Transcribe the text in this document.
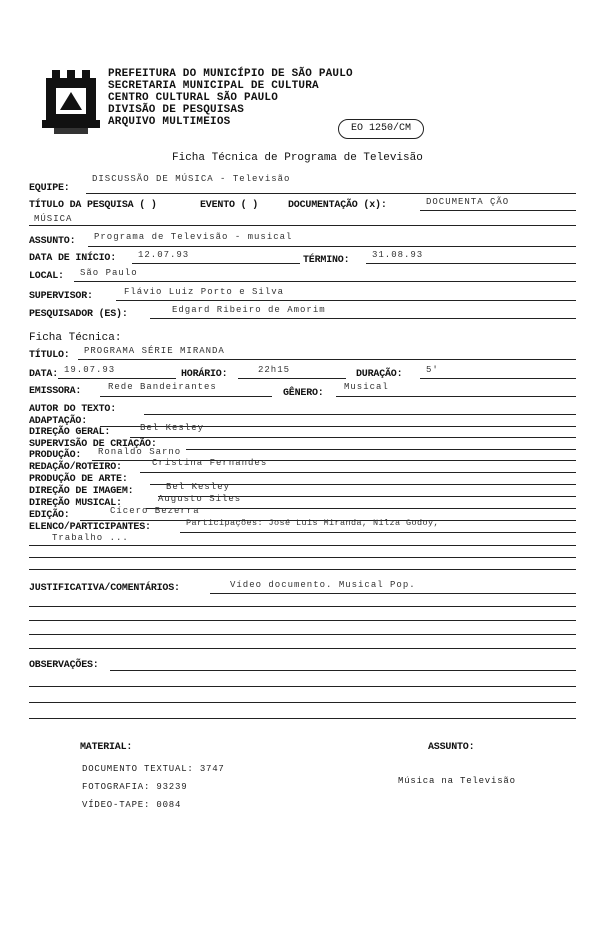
PREFEITURA DO MUNICÍPIO DE SÃO PAULO
SECRETARIA MUNICIPAL DE CULTURA
CENTRO CULTURAL SÃO PAULO
DIVISÃO DE PESQUISAS
ARQUIVO MULTIMEIOS
EO 1250/CM
Ficha Técnica de Programa de Televisão
EQUIPE:
DISCUSSÃO DE MÚSICA - Televisão
TÍTULO DA PESQUISA ( )	EVENTO ( )	DOCUMENTAÇÃO (x):	DOCUMENTA ÇÃO
MÚSICA
ASSUNTO: Programa de Televisão - musical
DATA DE INÍCIO: 12.07.93	TÉRMINO:	31.08.93
LOCAL: São Paulo
SUPERVISOR:	Flávio Luiz Porto e Silva
PESQUISADOR (ES):	Edgard Ribeiro de Amorim
Ficha Técnica:
TÍTULO: PROGRAMA SÉRIE MIRANDA
DATA: 19.07.93	HORÁRIO:	22h15	DURAÇÃO:	5'
EMISSORA:	Rede Bandeirantes
GÊNERO:
Musical
AUTOR DO TEXTO:
ADAPTAÇÃO:
DIREÇÃO GERAL:	Bel Kesley
SUPERVISÃO DE CRIAÇÃO:
PRODUÇÃO: Ronaldo Sarno
REDAÇÃO/ROTEIRO:	Cristina Fernandes
PRODUÇÃO DE ARTE:
DIREÇÃO DE IMAGEM:	Bel Kesley
DIREÇÃO MUSICAL:	Augusto Siles
EDIÇÃO:	Cícero Bezerra
ELENCO/PARTICIPANTES:	Participações: José Luis Miranda, Nilza Godoy,
Trabalho ...
JUSTIFICATIVA/COMENTÁRIOS:	Vídeo documento. Musical Pop.
OBSERVAÇÕES:
MATERIAL:	ASSUNTO:
DOCUMENTO TEXTUAL: 3747
Música na Televisão
FOTOGRAFIA: 93239
VÍDEO-TAPE: 0084
